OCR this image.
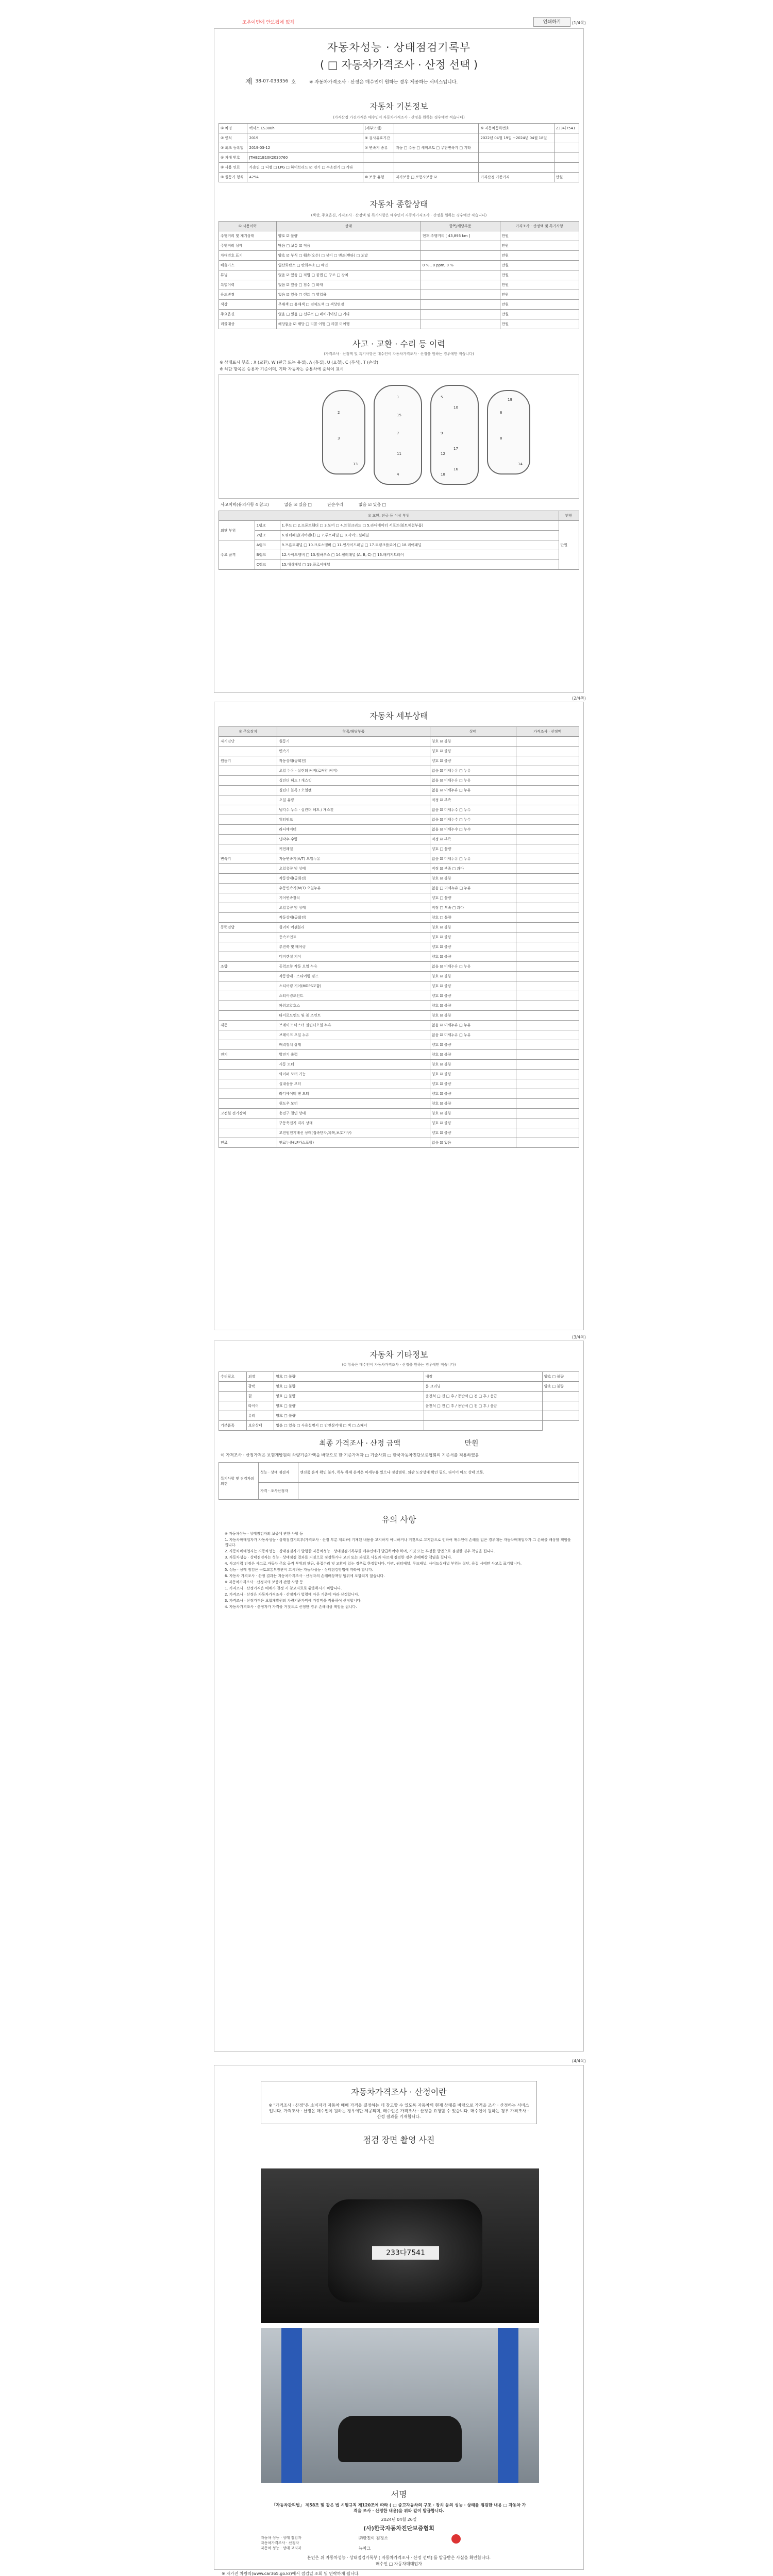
조은이면에 안보됩에 없체	인쇄하기	(1/4쪽)
자동차성능 · 상태점검기록부
( □ 자동차가격조사 · 산정 선택 )
제 38-07-033356 호	※ 자동차가격조사 · 산정은 매수인이 원하는 경우 제공하는 서비스입니다.
자동차 기본정보
(가격산정 가견가격은 매수인이 자동차가격조사 · 산정을 원하는 경우에만 적습니다)
① 차명	렉서스 ES300h	(세부모델)		⑤ 자동차등록번호	233다7541
② 연식	2019	⑥ 검사유효기간		2022년 04월 19일 ~2024년 04월 18일	
③ 최초 등록일	2019-03-12	⑦ 변속기 종류	자동 □ 수동 □ 세미오토 □ 무단변속기 □ 기타		
④ 차대 번호	JTHB21B10K2030760				
⑧ 사용 연료	가솔린 □ 디젤 □ LPG □ 하이브리드 ☑ 전기 □ 수소전기 □ 기타				
⑨ 원동기 형식	A25A	⑩ 보증 유형	자가보증 □ 보험사보증 ☑	가격산정 기준가격	만원
자동차 종합상태
(색상, 주요옵션, 가격조사 · 산정액 및 특기사항은 매수인이 자동차가격조사 · 산정을 원하는 경우에만 적습니다)
① 사용이력	상태	항목/해당부품	가격조사 · 산정액 및 특기사항
주행거리 및 계기상태	양호 ☑ 불량	현재 주행거리 [ 43,893 km ]	만원
주행거리 상태	많음 □ 보통 ☑ 적음		만원
차대번호 표기	양호 ☑ 부식 □ 훼손(오손) □ 상이 □ 변조(변타) □ 도말		만원
배출가스	일산화탄소 □ 탄화수소 □ 매연	0 % , 0 ppm, 0 %	만원
튜닝	없음 ☑ 있음 □ 적법 □ 불법 □ 구조 □ 장치		만원
특별이력	없음 ☑ 있음 □ 침수 □ 화재		만원
용도변경	없음 ☑ 있음 □ 렌트 □ 영업용		만원
색상	무채색 □ 유채색 □ 전체도색 □ 색상변경		만원
주요옵션	없음 □ 있음 □ 선루프 □ 네비게이션 □ 기타		만원
리콜대상	해당없음 ☑ 해당 □ 리콜 이행 □ 리콜 미이행		만원
사고 · 교환 · 수리 등 이력
(가격조사 · 산정액 및 특기사항은 매수인이 자동차가격조사 · 산정을 원하는 경우에만 적습니다)
※ 상태표시 부호 : X (교환), W (판금 또는 용접), A (흠집), U (요철), C (부식), T (손상)
※ 하단 항목은 승용차 기준이며, 기타 자동차는 승용차에 준하여 표시
1
2
3
4
5
6
7
8
9
10
11	12
13	14
15
16
17
18
19
사고이력(유의사항 4 참고)	없음 ☑ 있음 □	단순수리	없음 ☑ 있음 □
② 교환, 판금 등 이상 부위			만원
외판 부위	1랭크	1.후드 □ 2.프론트휀더 □ 3.도어 □ 4.트렁크리드 □ 5.라디에이터 서포트(볼트체결부품)	만원
	2랭크	6.쿼터패널(리어펜더) □ 7.루프패널 □ 8.사이드실패널	
주요 골격	A랭크	9.프론트패널 □ 10.크로스멤버 □ 11.인사이드패널 □ 17.트렁크플로어 □ 18.리어패널	
	B랭크	12.사이드멤버 □ 13.휠하우스 □ 14.필러패널 (A, B, C) □ 16.패키지트레이	
	C랭크	15.대쉬패널 □ 19.플로어패널	
(2/4쪽)
자동차 세부상태
③ 주요장치	항목/해당부품	상태	가격조사 · 산정액
자기진단	원동기	양호 ☑ 불량	
	변속기	양호 ☑ 불량	
원동기	작동상태(공회전)	양호 ☑ 불량	
	오일 누유 · 실린더 커버(로커암 커버)	없음 ☑ 미세누유 □ 누유	
	실린더 헤드 / 개스킷	없음 ☑ 미세누유 □ 누유	
	실린더 블록 / 오일팬	없음 ☑ 미세누유 □ 누유	
	오일 유량	적정 ☑ 부족	
	냉각수 누수 · 실린더 헤드 / 개스킷	없음 ☑ 미세누수 □ 누수	
	워터펌프	없음 ☑ 미세누수 □ 누수	
	라디에이터	없음 ☑ 미세누수 □ 누수	
	냉각수 수량	적정 ☑ 부족	
	커먼레일	양호 □ 불량	
변속기	자동변속기(A/T) 오일누유	없음 ☑ 미세누유 □ 누유	
	오일유량 및 상태	적정 ☑ 부족 □ 과다	
	작동상태(공회전)	양호 ☑ 불량	
	수동변속기(M/T) 오일누유	없음 □ 미세누유 □ 누유	
	기어변속장치	양호 □ 불량	
	오일유량 및 상태	적정 □ 부족 □ 과다	
	작동상태(공회전)	양호 □ 불량	
동력전달	클러치 어셈블리	양호 ☑ 불량	
	등속조인트	양호 ☑ 불량	
	추진축 및 베어링	양호 ☑ 불량	
	디퍼렌셜 기어	양호 ☑ 불량	
조향	동력조향 작동 오일 누유	없음 ☑ 미세누유 □ 누유	
	작동상태 · 스티어링 펌프	양호 ☑ 불량	
	스티어링 기어(MDPS포함)	양호 ☑ 불량	
	스티어링조인트	양호 ☑ 불량	
	파워고압호스	양호 ☑ 불량	
	타이로드엔드 및 볼 조인트	양호 ☑ 불량	
제동	브레이크 마스터 실린더오일 누유	없음 ☑ 미세누유 □ 누유	
	브레이크 오일 누유	없음 ☑ 미세누유 □ 누유	
	배력장치 상태	양호 ☑ 불량	
전기	발전기 출력	양호 ☑ 불량	
	시동 모터	양호 ☑ 불량	
	와이퍼 모터 기능	양호 ☑ 불량	
	실내송풍 모터	양호 ☑ 불량	
	라디에이터 팬 모터	양호 ☑ 불량	
	윈도우 모터	양호 ☑ 불량	
고전원 전기장치	충전구 절연 상태	양호 ☑ 불량	
	구동축전지 격리 상태	양호 ☑ 불량	
	고전원전기배선 상태(접속단자,피복,보호기구)	양호 ☑ 불량	
연료	연료누출(LP가스포함)	없음 ☑ 있음	
(3/4쪽)
자동차 기타정보
(① 항목은 매수인이 자동차가격조사 · 산정을 원하는 경우에만 적습니다)
수리필요	외장	양호 □ 불량	내장	양호 □ 불량
	광택	양호 □ 불량	룸 크리닝	양호 □ 불량
	휠	양호 □ 불량	운전석 □ 전 □ 후 / 동반석 □ 전 □ 후 / 응급	
	타이어	양호 □ 불량	운전석 □ 전 □ 후 / 동반석 □ 전 □ 후 / 응급	
	유리	양호 □ 불량		
기본품목	보유상태	없음 □ 있음 □ 사용설명서 □ 안전삼각대 □ 잭 □ 스패너		
최종 가격조사 · 산정 금액	만원
이 가격조사 · 산정가격은 보험개발원의 차량기준가액을 바탕으로 한 기준가격과 □ 기술사회 □ 한국자동차진단보증협회의 기준서를 적용하였음
특기사항 및 점검자의 의견	성능 · 상태 점검자	엔진룸 흔적 확인 불가, 하부 하체 흔적은 미세누유 있으나 정상범위. 외관 도장상태 확인 필요. 타이어 마모 상태 보통.
	가격 · 조사산정자	
유의 사항

※ 자동차성능 · 상태점검자의 보증에 관한 사항 등

1. 자동차매매업자가 자동차성능 · 상태점검기록부(가격조사 · 산정 부분 제외)에 기재된 내용을 고지하지 아니하거나 거짓으로 고지함으로 인하여 매수인이 손해를 입은 경우에는 자동차매매업자가 그 손해를 배상할 책임을 집니다.

2. 자동차매매업자는 자동차성능 · 상태점검자가 발행한 자동차성능 · 상태점검기록부를 매수인에게 발급하여야 하며, 거짓 또는 부정한 방법으로 점검한 경우 책임을 집니다.

3. 자동차성능 · 상태점검자는 성능 · 상태점검 결과를 거짓으로 점검하거나 고의 또는 과실로 사실과 다르게 점검한 경우 손해배상 책임을 집니다.

4. 사고이력 인정은 사고로 자동차 주요 골격 부위의 판금, 용접수리 및 교환이 있는 경우로 한정합니다. 다만, 쿼터패널, 루프패널, 사이드실패널 부위는 절단, 용접 시에만 사고로 표기합니다.

5. 성능 · 상태 점검은 국토교통부장관이 고시하는 자동차성능 · 상태점검방법에 따라야 합니다.

6. 자동차 가격조사 · 산정 결과는 자동차가격조사 · 산정자의 손해배상책임 범위에 포함되지 않습니다.

※ 자동차가격조사 · 산정자의 보증에 관한 사항 등

1. 가격조사 · 산정가격은 매매가 결정 시 참고자료로 활용하시기 바랍니다.

2. 가격조사 · 산정은 자동차가격조사 · 산정자가 법령에 따른 기준에 따라 산정합니다.

3. 가격조사 · 산정가격은 보험개발원의 차량기준가액에 가감액을 적용하여 산정합니다.

4. 자동차가격조사 · 산정자가 가격을 거짓으로 산정한 경우 손해배상 책임을 집니다.

(4/4쪽)
자동차가격조사 · 산정이란
※ "가격조사 · 산정"은 소비자가 자동차 매매 가격을 결정하는 데 참고할 수 있도록 자동차의 현재 상태를 바탕으로 가격을 조사 · 산정하는 서비스입니다. 가격조사 · 산정은 매수인이 원하는 경우에만 제공되며, 매수인은 가격조사 · 산정을 요청할 수 있습니다. 매수인이 원하는 경우 가격조사 · 산정 결과를 기재합니다.
점검 장면 촬영 사진
233다7541
서명
「자동차관리법」 제58조 및 같은 법 시행규칙 제120조에 따라 ( □ 중고자동차의 구조 · 장치 등의 성능 · 상태를 점검한 내용 □ 자동차 가격을 조사 · 산정한 내용)을 위와 같이 발급합니다.
2024년 04월 26일
(사)한국자동차진단보증협회
자동차 성능 · 상태 점검자
자동차가격조사 · 산정자
자동차 성능 · 상태 고지자
㈜한진이 검정소
뉴마크
본인은 위 자동차성능 · 상태점검기록부 [ 자동차가격조사 · 산정 선택] 를 발급받은 사실을 확인합니다.
매수인 □ 자동차매매업자
※ 자가진 차량의(www.car365.go.kr)에서 점검일 조회 및 연락하게 됩니다.
